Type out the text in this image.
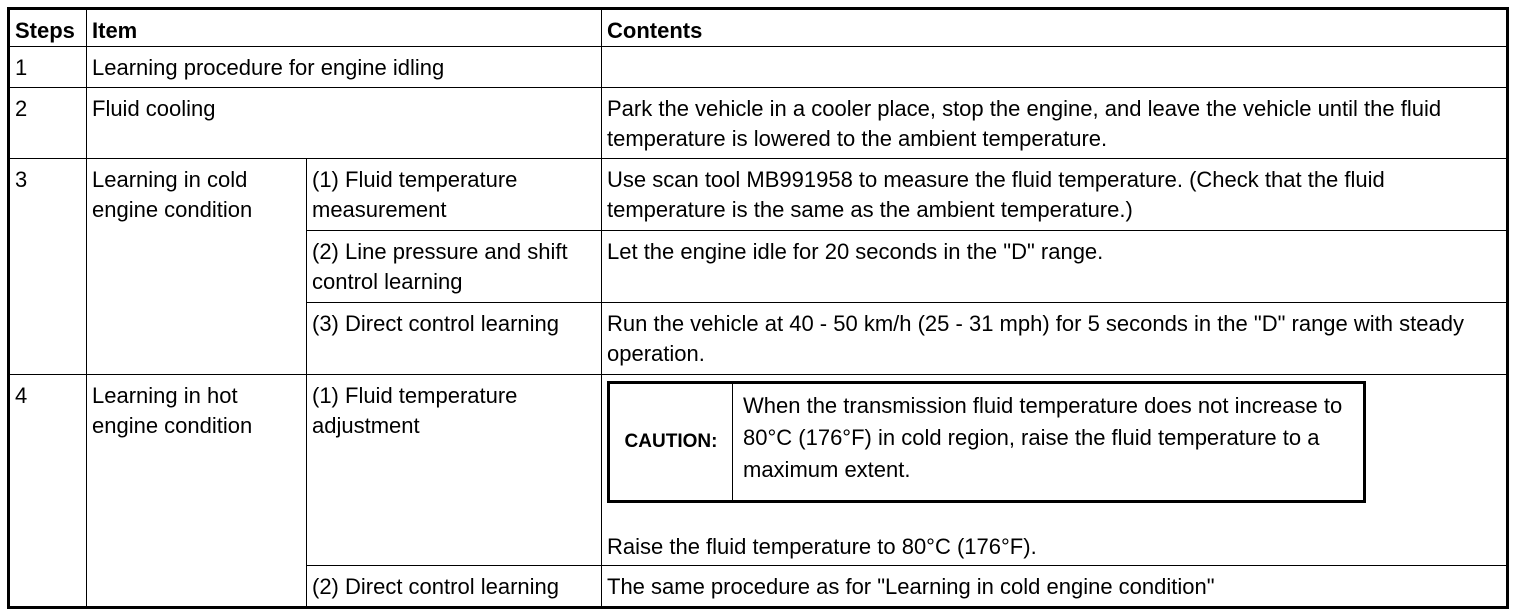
Steps	Item		Contents
1	Learning procedure for engine idling		
2	Fluid cooling		Park the vehicle in a cooler place, stop the engine, and leave the vehicle until the fluid temperature is lowered to the ambient temperature.
3	Learning in cold engine condition	(1) Fluid temperature measurement	Use scan tool MB991958 to measure the fluid temperature. (Check that the fluid temperature is the same as the ambient temperature.)
		(2) Line pressure and shift control learning	Let the engine idle for 20 seconds in the "D" range.
		(3) Direct control learning	Run the vehicle at 40 - 50 km/h (25 - 31 mph) for 5 seconds in the "D" range with steady operation.
4	Learning in hot engine condition	(1) Fluid temperature adjustment	CAUTION:
When the transmission fluid temperature does not increase to 80°C (176°F) in cold region, raise the fluid temperature to a maximum extent.
Raise the fluid temperature to 80°C (176°F).

		(2) Direct control learning	The same procedure as for "Learning in cold engine condition"
